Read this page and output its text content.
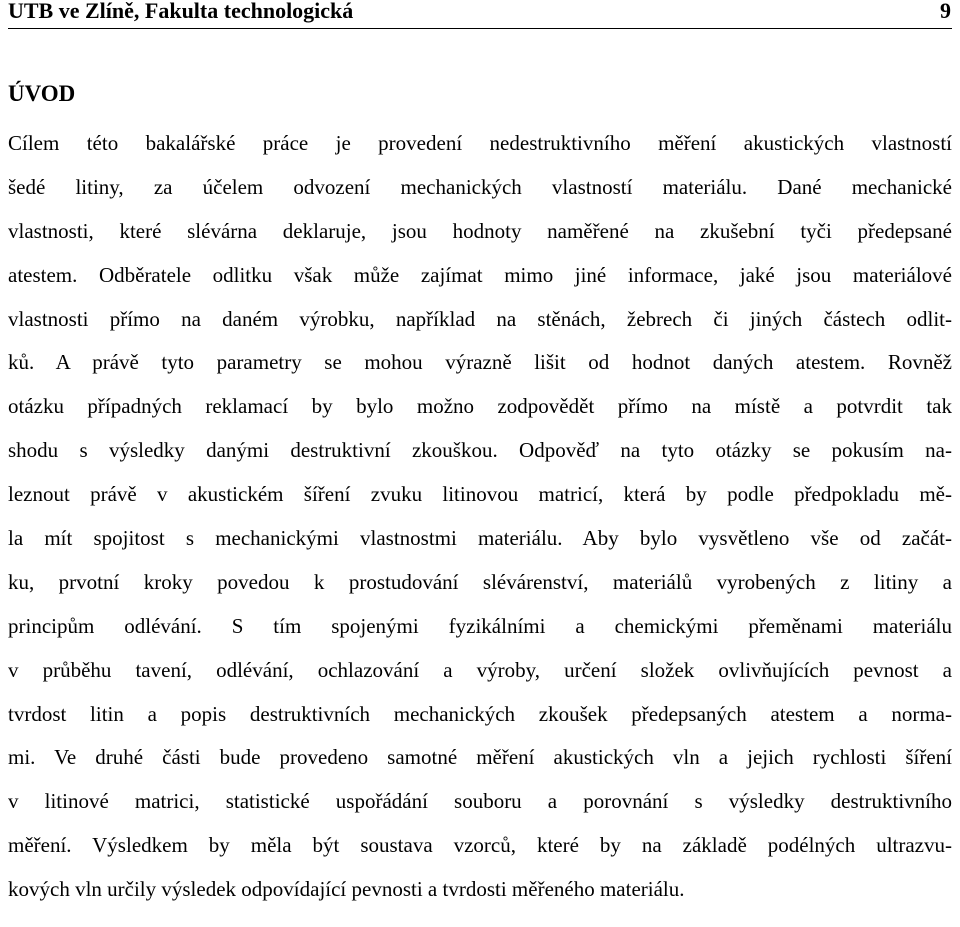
UTB ve Zlíně, Fakultа technologická	9
ÚVOD
Cílem této bakalářské práce je provedení nedestruktivního měření akustických vlastností
šedé litiny, za účelem odvození mechanických vlastností materiálu. Dané mechanické
vlastnosti, které slévárna deklaruje, jsou hodnoty naměřené na zkušební tyči předepsané
atestem. Odběratele odlitku však může zajímat mimo jiné informace, jaké jsou materiálové
vlastnosti přímo na daném výrobku, například na stěnách, žebrech či jiných částech odlit-
ků. A právě tyto parametry se mohou výrazně lišit od hodnot daných atestem. Rovněž
otázku případných reklamací by bylo možno zodpovědět přímo na místě a potvrdit tak
shodu s výsledky danými destruktivní zkouškou. Odpověď na tyto otázky se pokusím na-
leznout právě v akustickém šíření zvuku litinovou matricí, která by podle předpokladu mě-
la mít spojitost s mechanickými vlastnostmi materiálu. Aby bylo vysvětleno vše od začát-
ku, prvotní kroky povedou k prostudování slévárenství, materiálů vyrobených z litiny a
principům odlévání. S tím spojenými fyzikálními a chemickými přeměnami materiálu
v průběhu tavení, odlévání, ochlazování a výroby, určení složek ovlivňujících pevnost a
tvrdost litin a popis destruktivních mechanických zkoušek předepsaných atestem a norma-
mi. Ve druhé části bude provedeno samotné měření akustických vln a jejich rychlosti šíření
v litinové matrici, statistické uspořádání souboru a porovnání s výsledky destruktivního
měření. Výsledkem by měla být soustava vzorců, které by na základě podélných ultrazvu-
kových vln určily výsledek odpovídající pevnosti a tvrdosti měřeného materiálu.
